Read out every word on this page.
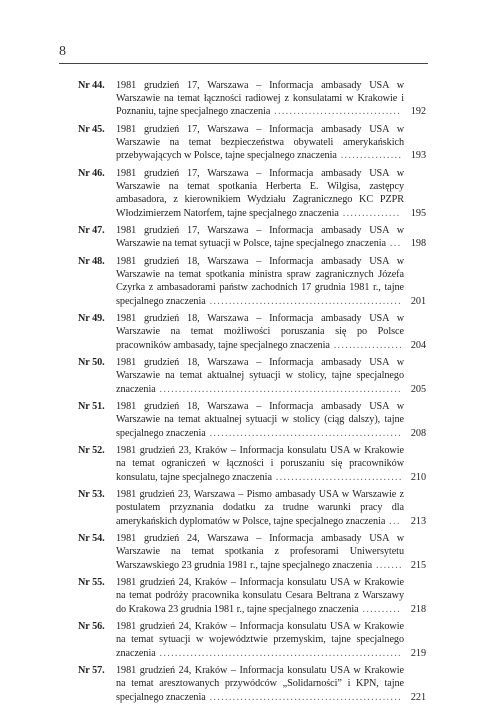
8
Nr 44.	1981 grudzień 17, Warszawa – Informacja ambasady USA w Warszawie na temat łączności radiowej z konsulatami w Krakowie i Poznaniu, tajne specjalnego znaczenia ................................. 192
Nr 45.	1981 grudzień 17, Warszawa – Informacja ambasady USA w Warszawie na temat bezpieczeństwa obywateli amerykańskich przebywających w Polsce, tajne specjalnego znaczenia ................ 193
Nr 46.	1981 grudzień 17, Warszawa – Informacja ambasady USA w Warszawie na temat spotkania Herberta E. Wilgisa, zastępcy ambasadora, z kierownikiem Wydziału Zagranicznego KC PZPR Włodzimierzem Natorfem, tajne specjalnego znaczenia ...............	195
Nr 47.	1981 grudzień 17, Warszawa – Informacja ambasady USA w Warszawie na temat sytuacji w Polsce, tajne specjalnego znaczenia ... 198
Nr 48.	1981 grudzień 18, Warszawa – Informacja ambasady USA w Warszawie na temat spotkania ministra spraw zagranicznych Józefa Czyrka z ambasadorami państw zachodnich 17 grudnia 1981 r., tajne specjalnego znaczenia .................................................. 201
Nr 49.	1981 grudzień 18, Warszawa – Informacja ambasady USA w Warszawie na temat możliwości poruszania się po Polsce pracowników ambasady, tajne specjalnego znaczenia .................. 204
Nr 50.	1981 grudzień 18, Warszawa – Informacja ambasady USA w Warszawie na temat aktualnej sytuacji w stolicy, tajne specjalnego znaczenia ............................................................... 205
Nr 51.	1981 grudzień 18, Warszawa – Informacja ambasady USA w Warszawie na temat aktualnej sytuacji w stolicy (ciąg dalszy), tajne specjalnego znaczenia .................................................. 208
Nr 52.	1981 grudzień 23, Kraków – Informacja konsulatu USA w Krakowie na temat ograniczeń w łączności i poruszaniu się pracowników konsulatu, tajne specjalnego znaczenia ................................. 210
Nr 53.	1981 grudzień 23, Warszawa – Pismo ambasady USA w Warszawie z postulatem przyznania dodatku za trudne warunki pracy dla amerykańskich dyplomatów w Polsce, tajne specjalnego znaczenia ... 213
Nr 54.	1981 grudzień 24, Warszawa – Informacja ambasady USA w Warszawie na temat spotkania z profesorami Uniwersytetu Warszawskiego 23 grudnia 1981 r., tajne specjalnego znaczenia ....... 215
Nr 55.	1981 grudzień 24, Kraków – Informacja konsulatu USA w Krakowie na temat podróży pracownika konsulatu Cesara Beltrana z Warszawy do Krakowa 23 grudnia 1981 r., tajne specjalnego znaczenia .......... 218
Nr 56.	1981 grudzień 24, Kraków – Informacja konsulatu USA w Krakowie na temat sytuacji w województwie przemyskim, tajne specjalnego znaczenia ............................................................... 219
Nr 57.	1981 grudzień 24, Kraków – Informacja konsulatu USA w Krakowie na temat aresztowanych przywódców „Solidarności” i KPN, tajne specjalnego znaczenia .................................................. 221
